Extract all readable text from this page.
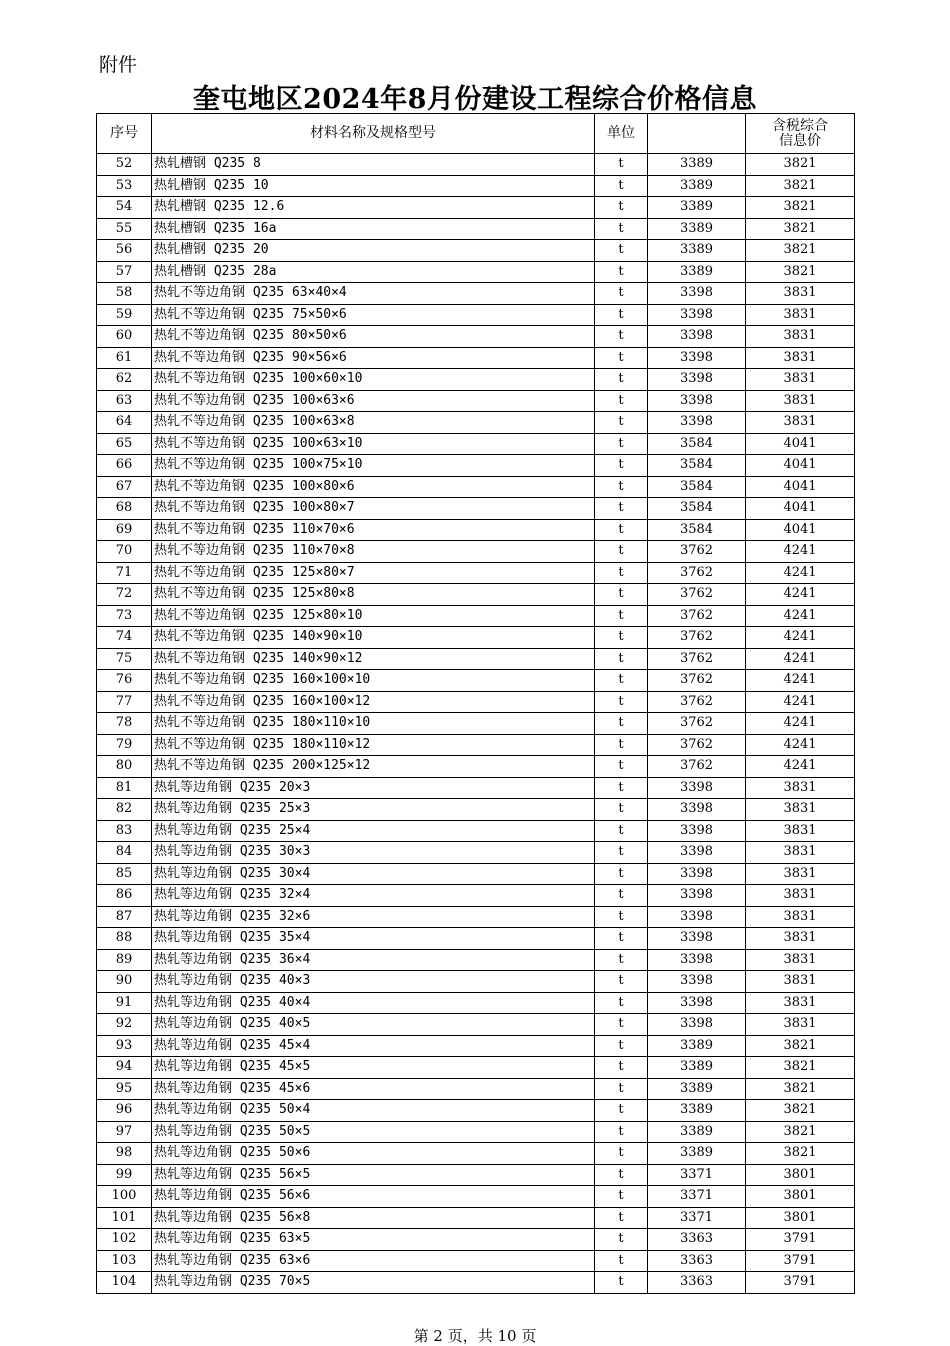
附件
奎屯地区2024年8月份建设工程综合价格信息
序号	材料名称及规格型号	单位		含税综合
信息价
52	热轧槽钢 Q235 8	t	3389	3821
53	热轧槽钢 Q235 10	t	3389	3821
54	热轧槽钢 Q235 12.6	t	3389	3821
55	热轧槽钢 Q235 16a	t	3389	3821
56	热轧槽钢 Q235 20	t	3389	3821
57	热轧槽钢 Q235 28a	t	3389	3821
58	热轧不等边角钢 Q235 63×40×4	t	3398	3831
59	热轧不等边角钢 Q235 75×50×6	t	3398	3831
60	热轧不等边角钢 Q235 80×50×6	t	3398	3831
61	热轧不等边角钢 Q235 90×56×6	t	3398	3831
62	热轧不等边角钢 Q235 100×60×10	t	3398	3831
63	热轧不等边角钢 Q235 100×63×6	t	3398	3831
64	热轧不等边角钢 Q235 100×63×8	t	3398	3831
65	热轧不等边角钢 Q235 100×63×10	t	3584	4041
66	热轧不等边角钢 Q235 100×75×10	t	3584	4041
67	热轧不等边角钢 Q235 100×80×6	t	3584	4041
68	热轧不等边角钢 Q235 100×80×7	t	3584	4041
69	热轧不等边角钢 Q235 110×70×6	t	3584	4041
70	热轧不等边角钢 Q235 110×70×8	t	3762	4241
71	热轧不等边角钢 Q235 125×80×7	t	3762	4241
72	热轧不等边角钢 Q235 125×80×8	t	3762	4241
73	热轧不等边角钢 Q235 125×80×10	t	3762	4241
74	热轧不等边角钢 Q235 140×90×10	t	3762	4241
75	热轧不等边角钢 Q235 140×90×12	t	3762	4241
76	热轧不等边角钢 Q235 160×100×10	t	3762	4241
77	热轧不等边角钢 Q235 160×100×12	t	3762	4241
78	热轧不等边角钢 Q235 180×110×10	t	3762	4241
79	热轧不等边角钢 Q235 180×110×12	t	3762	4241
80	热轧不等边角钢 Q235 200×125×12	t	3762	4241
81	热轧等边角钢 Q235 20×3	t	3398	3831
82	热轧等边角钢 Q235 25×3	t	3398	3831
83	热轧等边角钢 Q235 25×4	t	3398	3831
84	热轧等边角钢 Q235 30×3	t	3398	3831
85	热轧等边角钢 Q235 30×4	t	3398	3831
86	热轧等边角钢 Q235 32×4	t	3398	3831
87	热轧等边角钢 Q235 32×6	t	3398	3831
88	热轧等边角钢 Q235 35×4	t	3398	3831
89	热轧等边角钢 Q235 36×4	t	3398	3831
90	热轧等边角钢 Q235 40×3	t	3398	3831
91	热轧等边角钢 Q235 40×4	t	3398	3831
92	热轧等边角钢 Q235 40×5	t	3398	3831
93	热轧等边角钢 Q235 45×4	t	3389	3821
94	热轧等边角钢 Q235 45×5	t	3389	3821
95	热轧等边角钢 Q235 45×6	t	3389	3821
96	热轧等边角钢 Q235 50×4	t	3389	3821
97	热轧等边角钢 Q235 50×5	t	3389	3821
98	热轧等边角钢 Q235 50×6	t	3389	3821
99	热轧等边角钢 Q235 56×5	t	3371	3801
100	热轧等边角钢 Q235 56×6	t	3371	3801
101	热轧等边角钢 Q235 56×8	t	3371	3801
102	热轧等边角钢 Q235 63×5	t	3363	3791
103	热轧等边角钢 Q235 63×6	t	3363	3791
104	热轧等边角钢 Q235 70×5	t	3363	3791
第 2 页，共 10 页
